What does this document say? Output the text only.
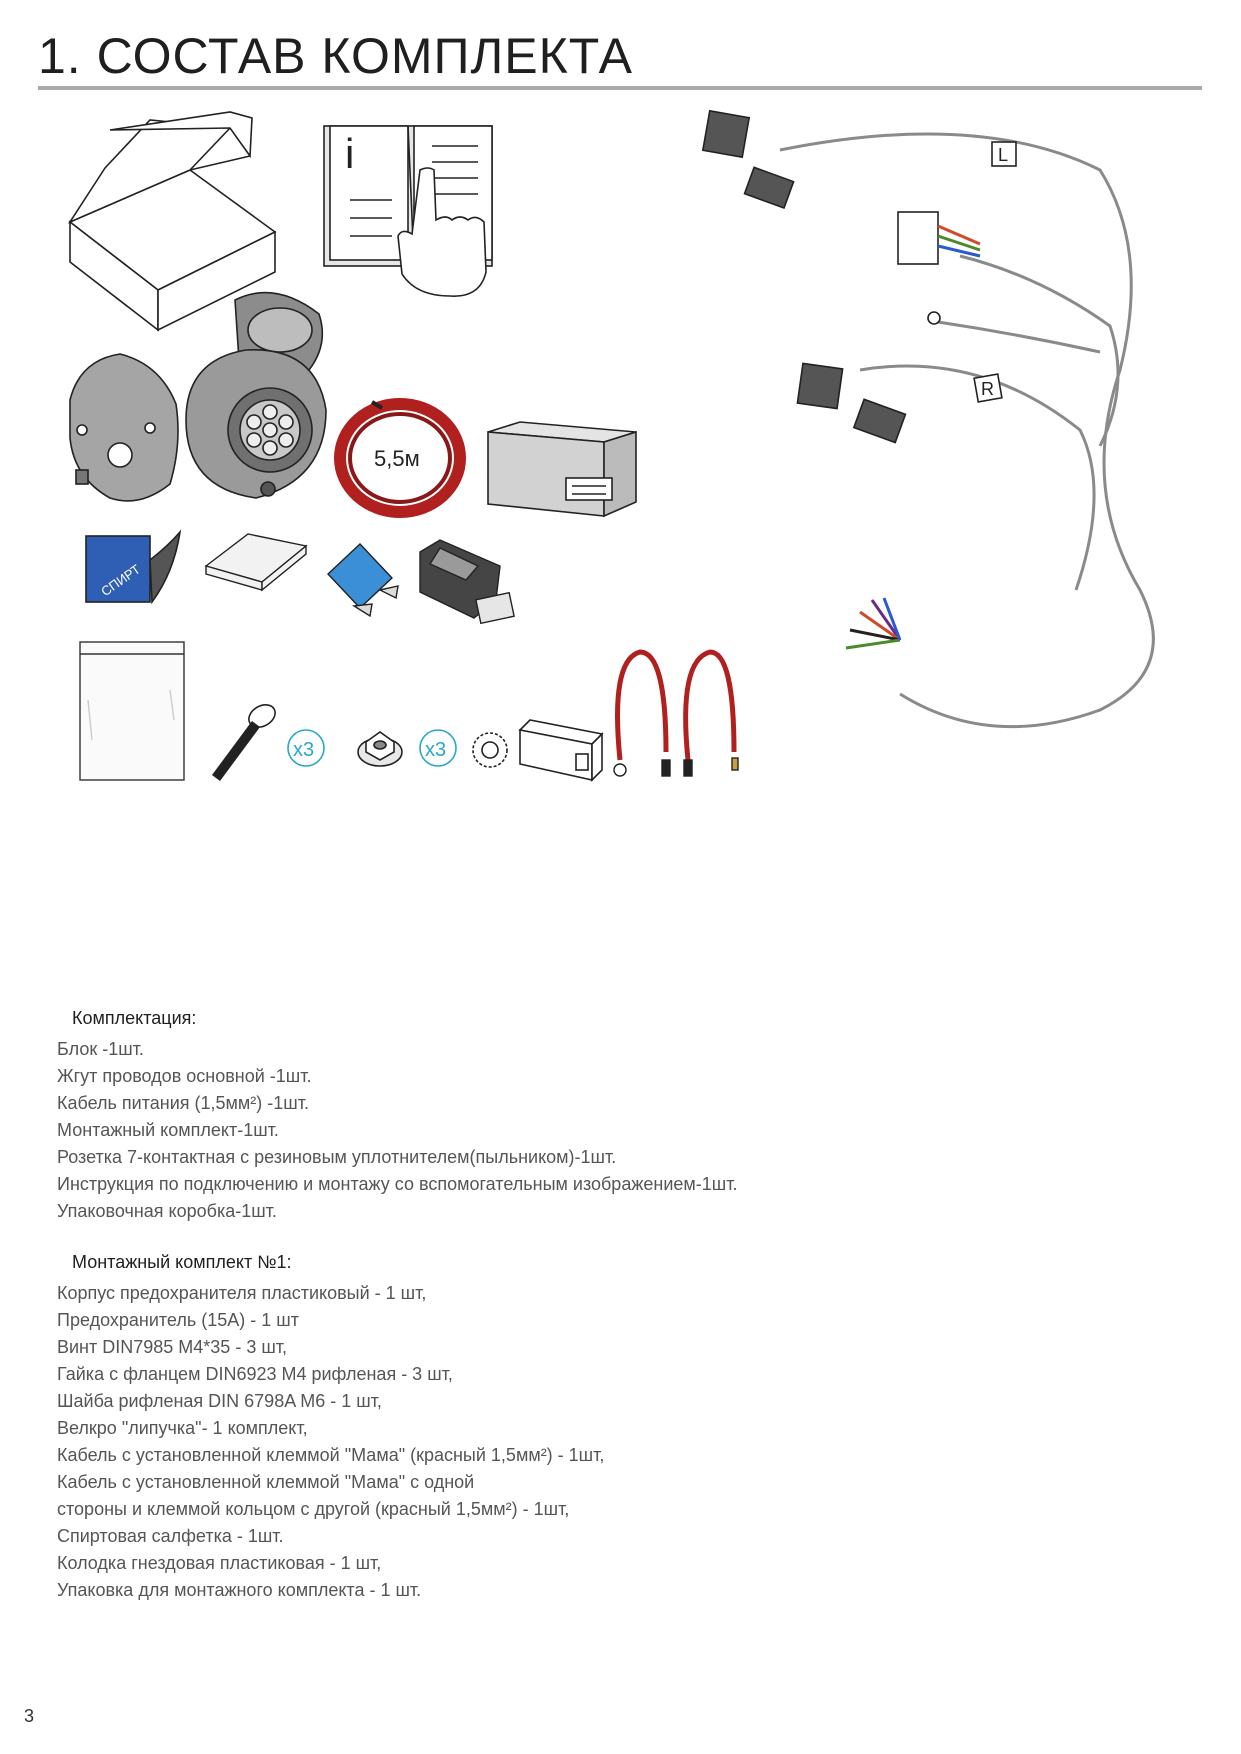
1. СОСТАВ КОМПЛЕКТА
i
5,5м
СПИРТ
x3	x3
L
R
Комплектация:
Блок -1шт.
Жгут проводов основной -1шт.
Кабель питания (1,5мм²) -1шт.
Монтажный комплект-1шт.
Розетка 7-контактная с резиновым уплотнителем(пыльником)-1шт.
Инструкция по подключению и монтажу со вспомогательным изображением-1шт.
Упаковочная коробка-1шт.
Монтажный комплект №1:
Корпус предохранителя пластиковый - 1 шт,
Предохранитель (15А) - 1 шт
Винт DIN7985 М4*35 - 3 шт,
Гайка с фланцем DIN6923 М4 рифленая - 3 шт,
Шайба рифленая DIN 6798A M6 - 1 шт,
Велкро "липучка"- 1 комплект,
Кабель с установленной клеммой "Мама" (красный 1,5мм²) - 1шт,
Кабель с установленной клеммой "Мама" с одной
стороны и клеммой кольцом с другой (красный 1,5мм²) - 1шт,
Спиртовая салфетка - 1шт.
Колодка гнездовая пластиковая - 1 шт,
Упаковка для монтажного комплекта - 1 шт.
3
